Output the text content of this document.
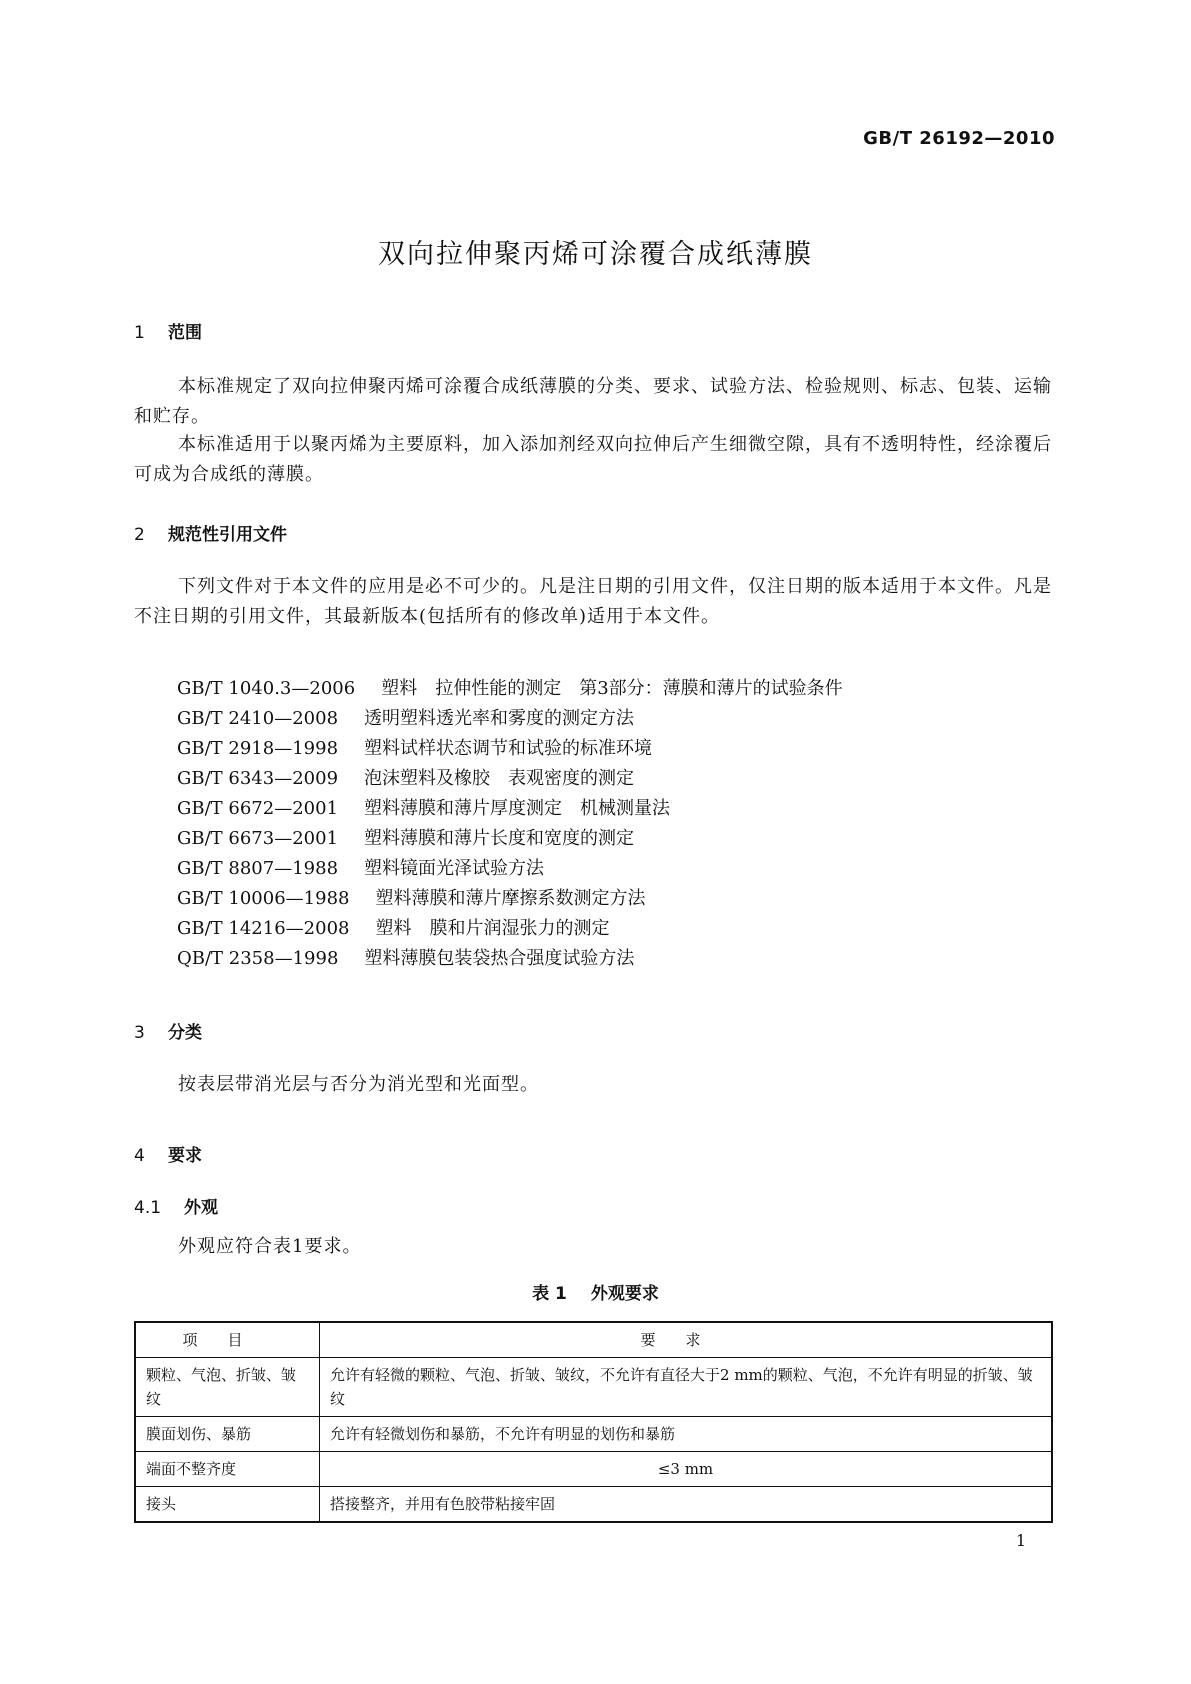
GB/T 26192—2010
双向拉伸聚丙烯可涂覆合成纸薄膜
1 范围
本标准规定了双向拉伸聚丙烯可涂覆合成纸薄膜的分类、要求、试验方法、检验规则、标志、包装、运输和贮存。
本标准适用于以聚丙烯为主要原料，加入添加剂经双向拉伸后产生细微空隙，具有不透明特性，经涂覆后可成为合成纸的薄膜。
2 规范性引用文件
下列文件对于本文件的应用是必不可少的。凡是注日期的引用文件，仅注日期的版本适用于本文件。凡是不注日期的引用文件，其最新版本(包括所有的修改单)适用于本文件。
GB/T 1040.3—2006 塑料　拉伸性能的测定　第3部分：薄膜和薄片的试验条件
GB/T 2410—2008 透明塑料透光率和雾度的测定方法
GB/T 2918—1998 塑料试样状态调节和试验的标准环境
GB/T 6343—2009 泡沫塑料及橡胶　表观密度的测定
GB/T 6672—2001 塑料薄膜和薄片厚度测定　机械测量法
GB/T 6673—2001 塑料薄膜和薄片长度和宽度的测定
GB/T 8807—1988 塑料镜面光泽试验方法
GB/T 10006—1988 塑料薄膜和薄片摩擦系数测定方法
GB/T 14216—2008 塑料　膜和片润湿张力的测定
QB/T 2358—1998 塑料薄膜包装袋热合强度试验方法
3 分类
按表层带消光层与否分为消光型和光面型。
4 要求
4.1 外观
外观应符合表1要求。
表 1 外观要求
项目	要求
颗粒、气泡、折皱、皱纹	允许有轻微的颗粒、气泡、折皱、皱纹，不允许有直径大于2 mm的颗粒、气泡，不允许有明显的折皱、皱纹
膜面划伤、暴筋	允许有轻微划伤和暴筋，不允许有明显的划伤和暴筋
端面不整齐度	≤3 mm
接头	搭接整齐，并用有色胶带粘接牢固
1
